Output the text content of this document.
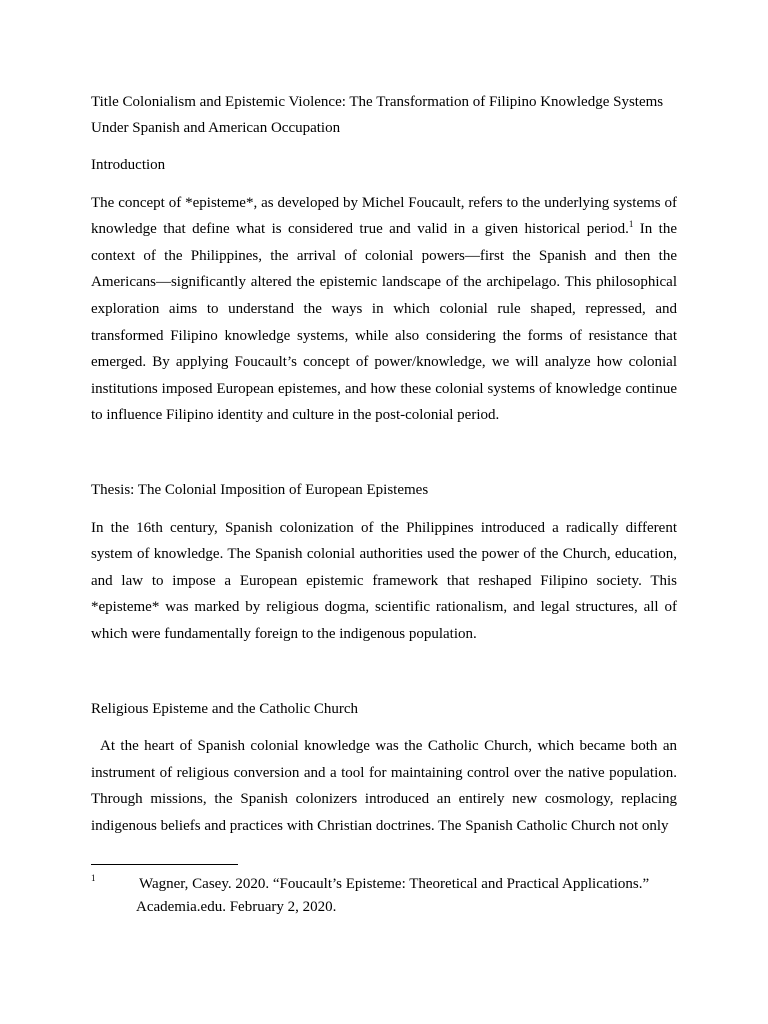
Title Colonialism and Epistemic Violence: The Transformation of Filipino Knowledge Systems Under Spanish and American Occupation

Introduction

The concept of *episteme*, as developed by Michel Foucault, refers to the underlying systems of knowledge that define what is considered true and valid in a given historical period.$^1$ In the context of the Philippines, the arrival of colonial powers—first the Spanish and then the Americans—significantly altered the epistemic landscape of the archipelago. This philosophical exploration aims to understand the ways in which colonial rule shaped, repressed, and transformed Filipino knowledge systems, while also considering the forms of resistance that emerged. By applying Foucault’s concept of power/knowledge, we will analyze how colonial institutions imposed European epistemes, and how these colonial systems of knowledge continue to influence Filipino identity and culture in the post-colonial period.

Thesis: The Colonial Imposition of European Epistemes

In the 16th century, Spanish colonization of the Philippines introduced a radically different system of knowledge. The Spanish colonial authorities used the power of the Church, education, and law to impose a European epistemic framework that reshaped Filipino society. This *episteme* was marked by religious dogma, scientific rationalism, and legal structures, all of which were fundamentally foreign to the indigenous population.

Religious Episteme and the Catholic Church

At the heart of Spanish colonial knowledge was the Catholic Church, which became both an instrument of religious conversion and a tool for maintaining control over the native population. Through missions, the Spanish colonizers introduced an entirely new cosmology, replacing indigenous beliefs and practices with Christian doctrines. The Spanish Catholic Church not only

1	Wagner, Casey. 2020. “Foucault’s Episteme: Theoretical and Practical Applications.”
Academia.edu. February 2, 2020.
